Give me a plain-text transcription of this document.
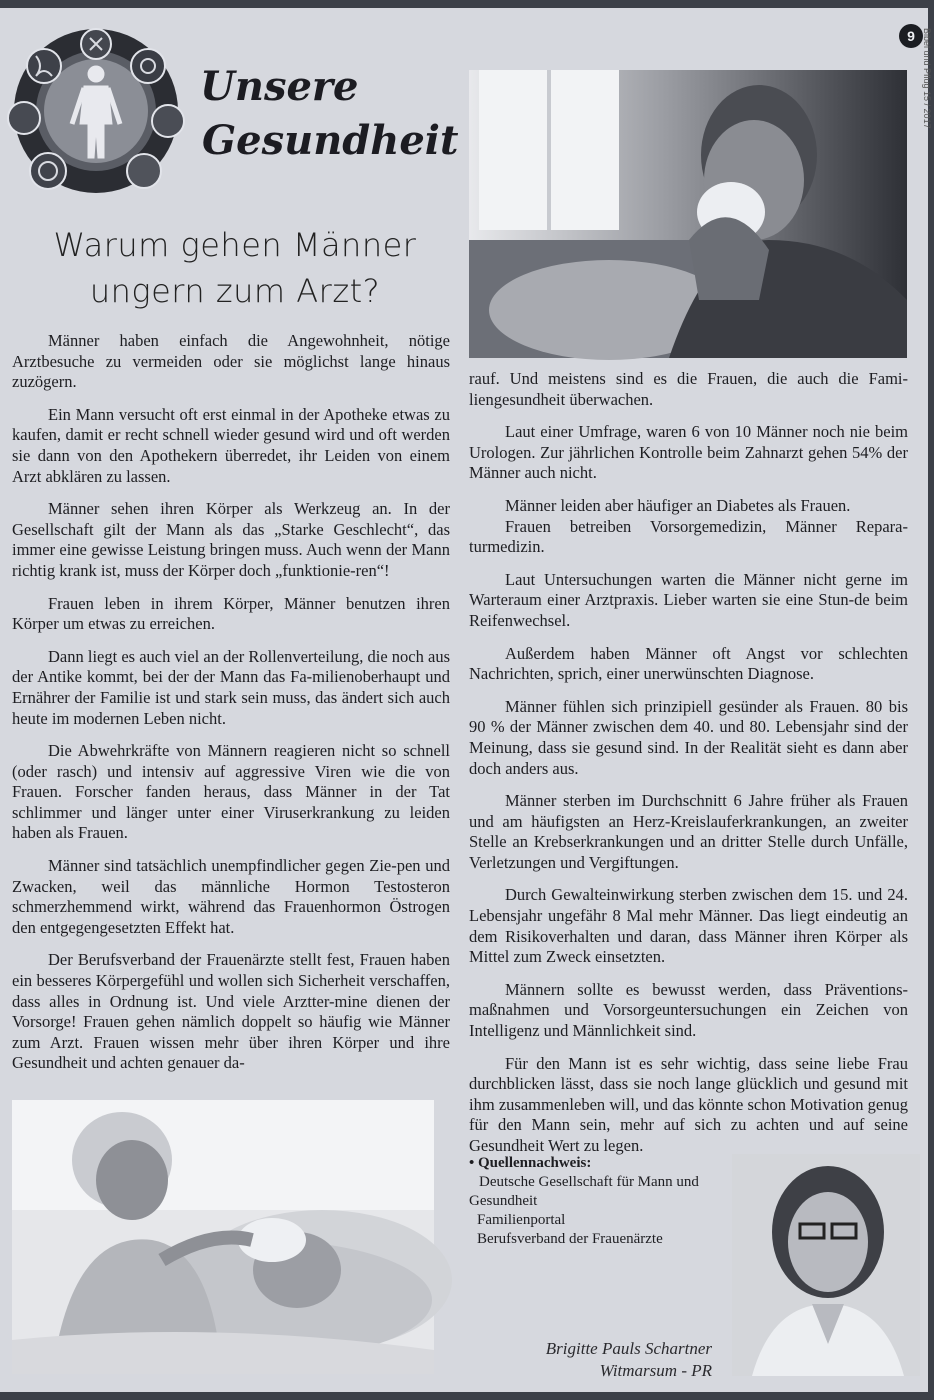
9 Bibel und Pflug 15 / 2017
Unsere
Gesundheit
Warum gehen Männer
ungern zum Arzt?

Männer haben einfach die Angewohnheit, nötige Arztbesuche zu vermeiden oder sie möglichst lange hinaus zuzögern.

Ein Mann versucht oft erst einmal in der Apotheke etwas zu kaufen, damit er recht schnell wieder gesund wird und oft werden sie dann von den Apothekern überredet, ihr Leiden von einem Arzt abklären zu lassen.

Männer sehen ihren Körper als Werkzeug an. In der Gesellschaft gilt der Mann als das „Starke Geschlecht“, das immer eine gewisse Leistung bringen muss. Auch wenn der Mann richtig krank ist, muss der Körper doch „funktionie-ren“!

Frauen leben in ihrem Körper, Männer benutzen ihren Körper um etwas zu erreichen.

Dann liegt es auch viel an der Rollenverteilung, die noch aus der Antike kommt, bei der der Mann das Fa-milienoberhaupt und Ernährer der Familie ist und stark sein muss, das ändert sich auch heute im modernen Leben nicht.

Die Abwehrkräfte von Männern reagieren nicht so schnell (oder rasch) und intensiv auf aggressive Viren wie die von Frauen. Forscher fanden heraus, dass Männer in der Tat schlimmer und länger unter einer Viruserkrankung zu leiden haben als Frauen.

Männer sind tatsächlich unempfindlicher gegen Zie-pen und Zwacken, weil das männliche Hormon Testosteron schmerzhemmend wirkt, während das Frauenhormon Östrogen den entgegengesetzten Effekt hat.

Der Berufsverband der Frauenärzte stellt fest, Frauen haben ein besseres Körpergefühl und wollen sich Sicherheit verschaffen, dass alles in Ordnung ist. Und viele Arztter-mine dienen der Vorsorge! Frauen gehen nämlich doppelt so häufig wie Männer zum Arzt. Frauen wissen mehr über ihren Körper und ihre Gesundheit und achten genauer da-

rauf. Und meistens sind es die Frauen, die auch die Fami-liengesundheit überwachen.

Laut einer Umfrage, waren 6 von 10 Männer noch nie beim Urologen. Zur jährlichen Kontrolle beim Zahnarzt gehen 54% der Männer auch nicht.

Männer leiden aber häufiger an Diabetes als Frauen.

Frauen betreiben Vorsorgemedizin, Männer Repara-turmedizin.

Laut Untersuchungen warten die Männer nicht gerne im Warteraum einer Arztpraxis. Lieber warten sie eine Stun-de beim Reifenwechsel.

Außerdem haben Männer oft Angst vor schlechten Nachrichten, sprich, einer unerwünschten Diagnose.

Männer fühlen sich prinzipiell gesünder als Frauen. 80 bis 90 % der Männer zwischen dem 40. und 80. Lebensjahr sind der Meinung, dass sie gesund sind. In der Realität sieht es dann aber doch anders aus.

Männer sterben im Durchschnitt 6 Jahre früher als Frauen und am häufigsten an Herz-Kreislauferkrankungen, an zweiter Stelle an Krebserkrankungen und an dritter Stelle durch Unfälle, Verletzungen und Vergiftungen.

Durch Gewalteinwirkung sterben zwischen dem 15. und 24. Lebensjahr ungefähr 8 Mal mehr Männer. Das liegt eindeutig an dem Risikoverhalten und daran, dass Männer ihren Körper als Mittel zum Zweck einsetzten.

Männern sollte es bewusst werden, dass Präventions-maßnahmen und Vorsorgeuntersuchungen ein Zeichen von Intelligenz und Männlichkeit sind.

Für den Mann ist es sehr wichtig, dass seine liebe Frau durchblicken lässt, dass sie noch lange glücklich und gesund mit ihm zusammenleben will, und das könnte schon Motivation genug für den Mann sein, mehr auf sich zu achten und auf seine Gesundheit Wert zu legen.

• Quellennachweis:
Deutsche Gesellschaft für Mann und
Gesundheit
Familienportal
Berufsverband der Frauenärzte
Brigitte Pauls Schartner
Witmarsum - PR
